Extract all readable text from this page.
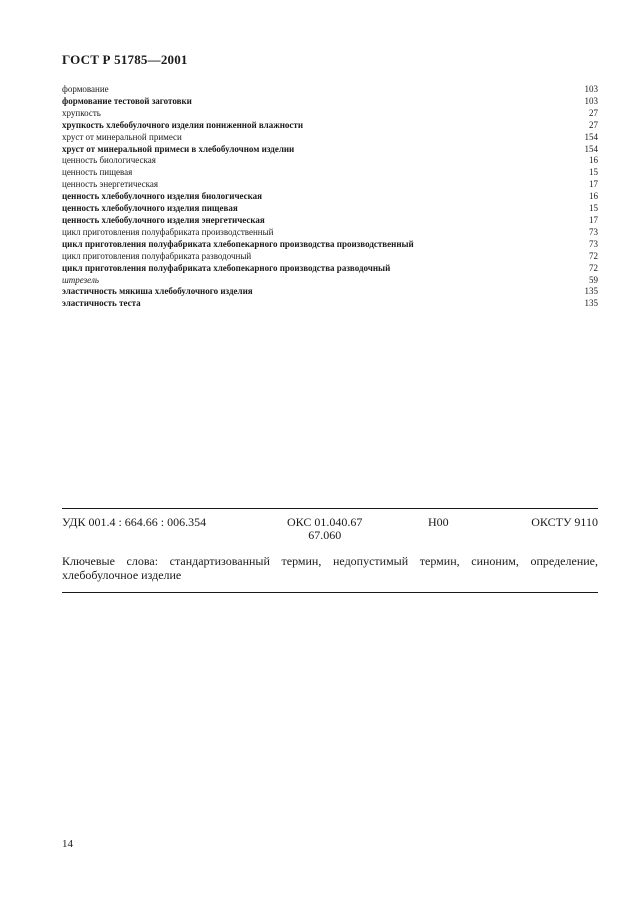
ГОСТ Р 51785—2001
формование	103
формование тестовой заготовки	103
хрупкость	27
хрупкость хлебобулочного изделия пониженной влажности	27
хруст от минеральной примеси	154
хруст от минеральной примеси в хлебобулочном изделии	154
ценность биологическая	16
ценность пищевая	15
ценность энергетическая	17
ценность хлебобулочного изделия биологическая	16
ценность хлебобулочного изделия пищевая	15
ценность хлебобулочного изделия энергетическая	17
цикл приготовления полуфабриката производственный	73
цикл приготовления полуфабриката хлебопекарного производства производственный	73
цикл приготовления полуфабриката разводочный	72
цикл приготовления полуфабриката хлебопекарного производства разводочный	72
штрезель	59
эластичность мякиша хлебобулочного изделия	135
эластичность теста	135
УДК 001.4 : 664.66 : 006.354	ОКС 01.040.67
67.060
Н00	ОКСТУ 9110
Ключевые слова: стандартизованный термин, недопустимый термин, синоним, определение, хлебобулочное изделие
14
